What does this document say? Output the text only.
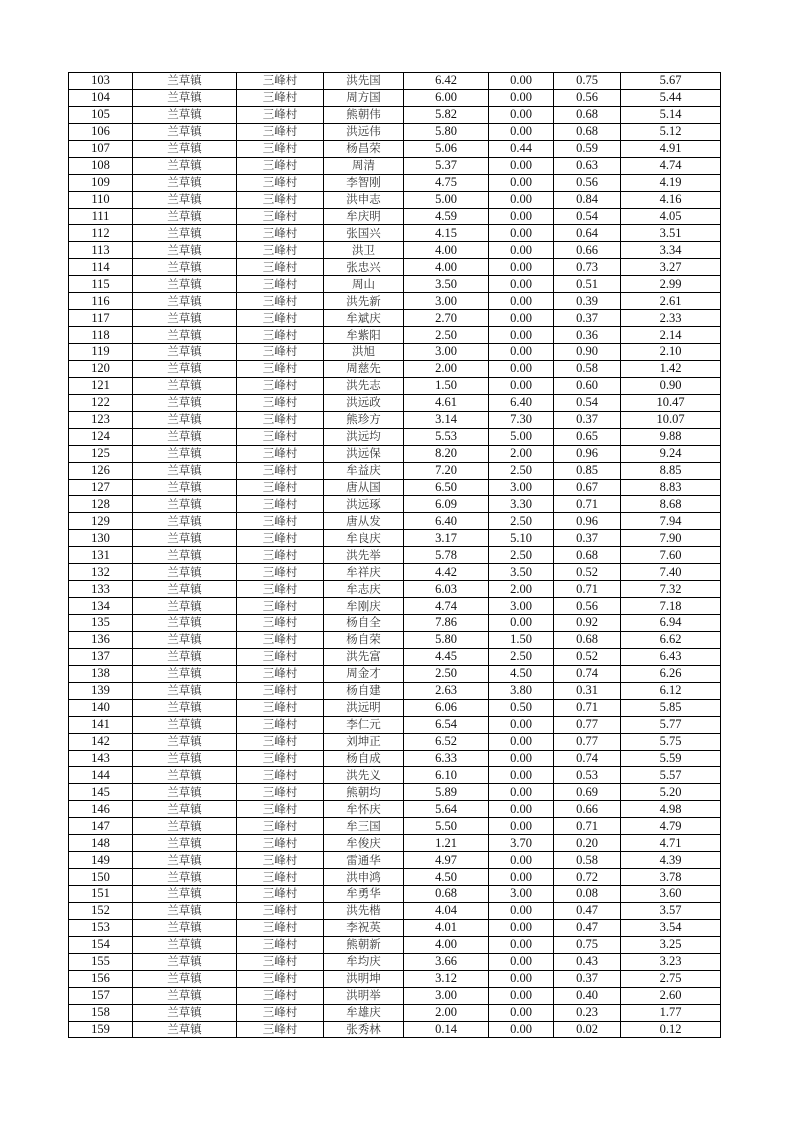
103	兰草镇	三峰村	洪先国	6.42	0.00	0.75	5.67
104	兰草镇	三峰村	周方国	6.00	0.00	0.56	5.44
105	兰草镇	三峰村	熊朝伟	5.82	0.00	0.68	5.14
106	兰草镇	三峰村	洪远伟	5.80	0.00	0.68	5.12
107	兰草镇	三峰村	杨昌荣	5.06	0.44	0.59	4.91
108	兰草镇	三峰村	周清	5.37	0.00	0.63	4.74
109	兰草镇	三峰村	李智刚	4.75	0.00	0.56	4.19
110	兰草镇	三峰村	洪申志	5.00	0.00	0.84	4.16
111	兰草镇	三峰村	牟庆明	4.59	0.00	0.54	4.05
112	兰草镇	三峰村	张国兴	4.15	0.00	0.64	3.51
113	兰草镇	三峰村	洪卫	4.00	0.00	0.66	3.34
114	兰草镇	三峰村	张忠兴	4.00	0.00	0.73	3.27
115	兰草镇	三峰村	周山	3.50	0.00	0.51	2.99
116	兰草镇	三峰村	洪先新	3.00	0.00	0.39	2.61
117	兰草镇	三峰村	牟斌庆	2.70	0.00	0.37	2.33
118	兰草镇	三峰村	牟紫阳	2.50	0.00	0.36	2.14
119	兰草镇	三峰村	洪旭	3.00	0.00	0.90	2.10
120	兰草镇	三峰村	周慈先	2.00	0.00	0.58	1.42
121	兰草镇	三峰村	洪先志	1.50	0.00	0.60	0.90
122	兰草镇	三峰村	洪远政	4.61	6.40	0.54	10.47
123	兰草镇	三峰村	熊珍方	3.14	7.30	0.37	10.07
124	兰草镇	三峰村	洪远均	5.53	5.00	0.65	9.88
125	兰草镇	三峰村	洪远保	8.20	2.00	0.96	9.24
126	兰草镇	三峰村	牟益庆	7.20	2.50	0.85	8.85
127	兰草镇	三峰村	唐从国	6.50	3.00	0.67	8.83
128	兰草镇	三峰村	洪远琢	6.09	3.30	0.71	8.68
129	兰草镇	三峰村	唐从发	6.40	2.50	0.96	7.94
130	兰草镇	三峰村	牟良庆	3.17	5.10	0.37	7.90
131	兰草镇	三峰村	洪先举	5.78	2.50	0.68	7.60
132	兰草镇	三峰村	牟祥庆	4.42	3.50	0.52	7.40
133	兰草镇	三峰村	牟志庆	6.03	2.00	0.71	7.32
134	兰草镇	三峰村	牟刚庆	4.74	3.00	0.56	7.18
135	兰草镇	三峰村	杨自全	7.86	0.00	0.92	6.94
136	兰草镇	三峰村	杨自荣	5.80	1.50	0.68	6.62
137	兰草镇	三峰村	洪先富	4.45	2.50	0.52	6.43
138	兰草镇	三峰村	周金才	2.50	4.50	0.74	6.26
139	兰草镇	三峰村	杨自建	2.63	3.80	0.31	6.12
140	兰草镇	三峰村	洪远明	6.06	0.50	0.71	5.85
141	兰草镇	三峰村	李仁元	6.54	0.00	0.77	5.77
142	兰草镇	三峰村	刘坤正	6.52	0.00	0.77	5.75
143	兰草镇	三峰村	杨自成	6.33	0.00	0.74	5.59
144	兰草镇	三峰村	洪先义	6.10	0.00	0.53	5.57
145	兰草镇	三峰村	熊朝均	5.89	0.00	0.69	5.20
146	兰草镇	三峰村	牟怀庆	5.64	0.00	0.66	4.98
147	兰草镇	三峰村	牟三国	5.50	0.00	0.71	4.79
148	兰草镇	三峰村	牟俊庆	1.21	3.70	0.20	4.71
149	兰草镇	三峰村	雷通华	4.97	0.00	0.58	4.39
150	兰草镇	三峰村	洪申鸿	4.50	0.00	0.72	3.78
151	兰草镇	三峰村	牟勇华	0.68	3.00	0.08	3.60
152	兰草镇	三峰村	洪先楷	4.04	0.00	0.47	3.57
153	兰草镇	三峰村	李祝英	4.01	0.00	0.47	3.54
154	兰草镇	三峰村	熊朝新	4.00	0.00	0.75	3.25
155	兰草镇	三峰村	牟均庆	3.66	0.00	0.43	3.23
156	兰草镇	三峰村	洪明坤	3.12	0.00	0.37	2.75
157	兰草镇	三峰村	洪明举	3.00	0.00	0.40	2.60
158	兰草镇	三峰村	牟雄庆	2.00	0.00	0.23	1.77
159	兰草镇	三峰村	张秀林	0.14	0.00	0.02	0.12
